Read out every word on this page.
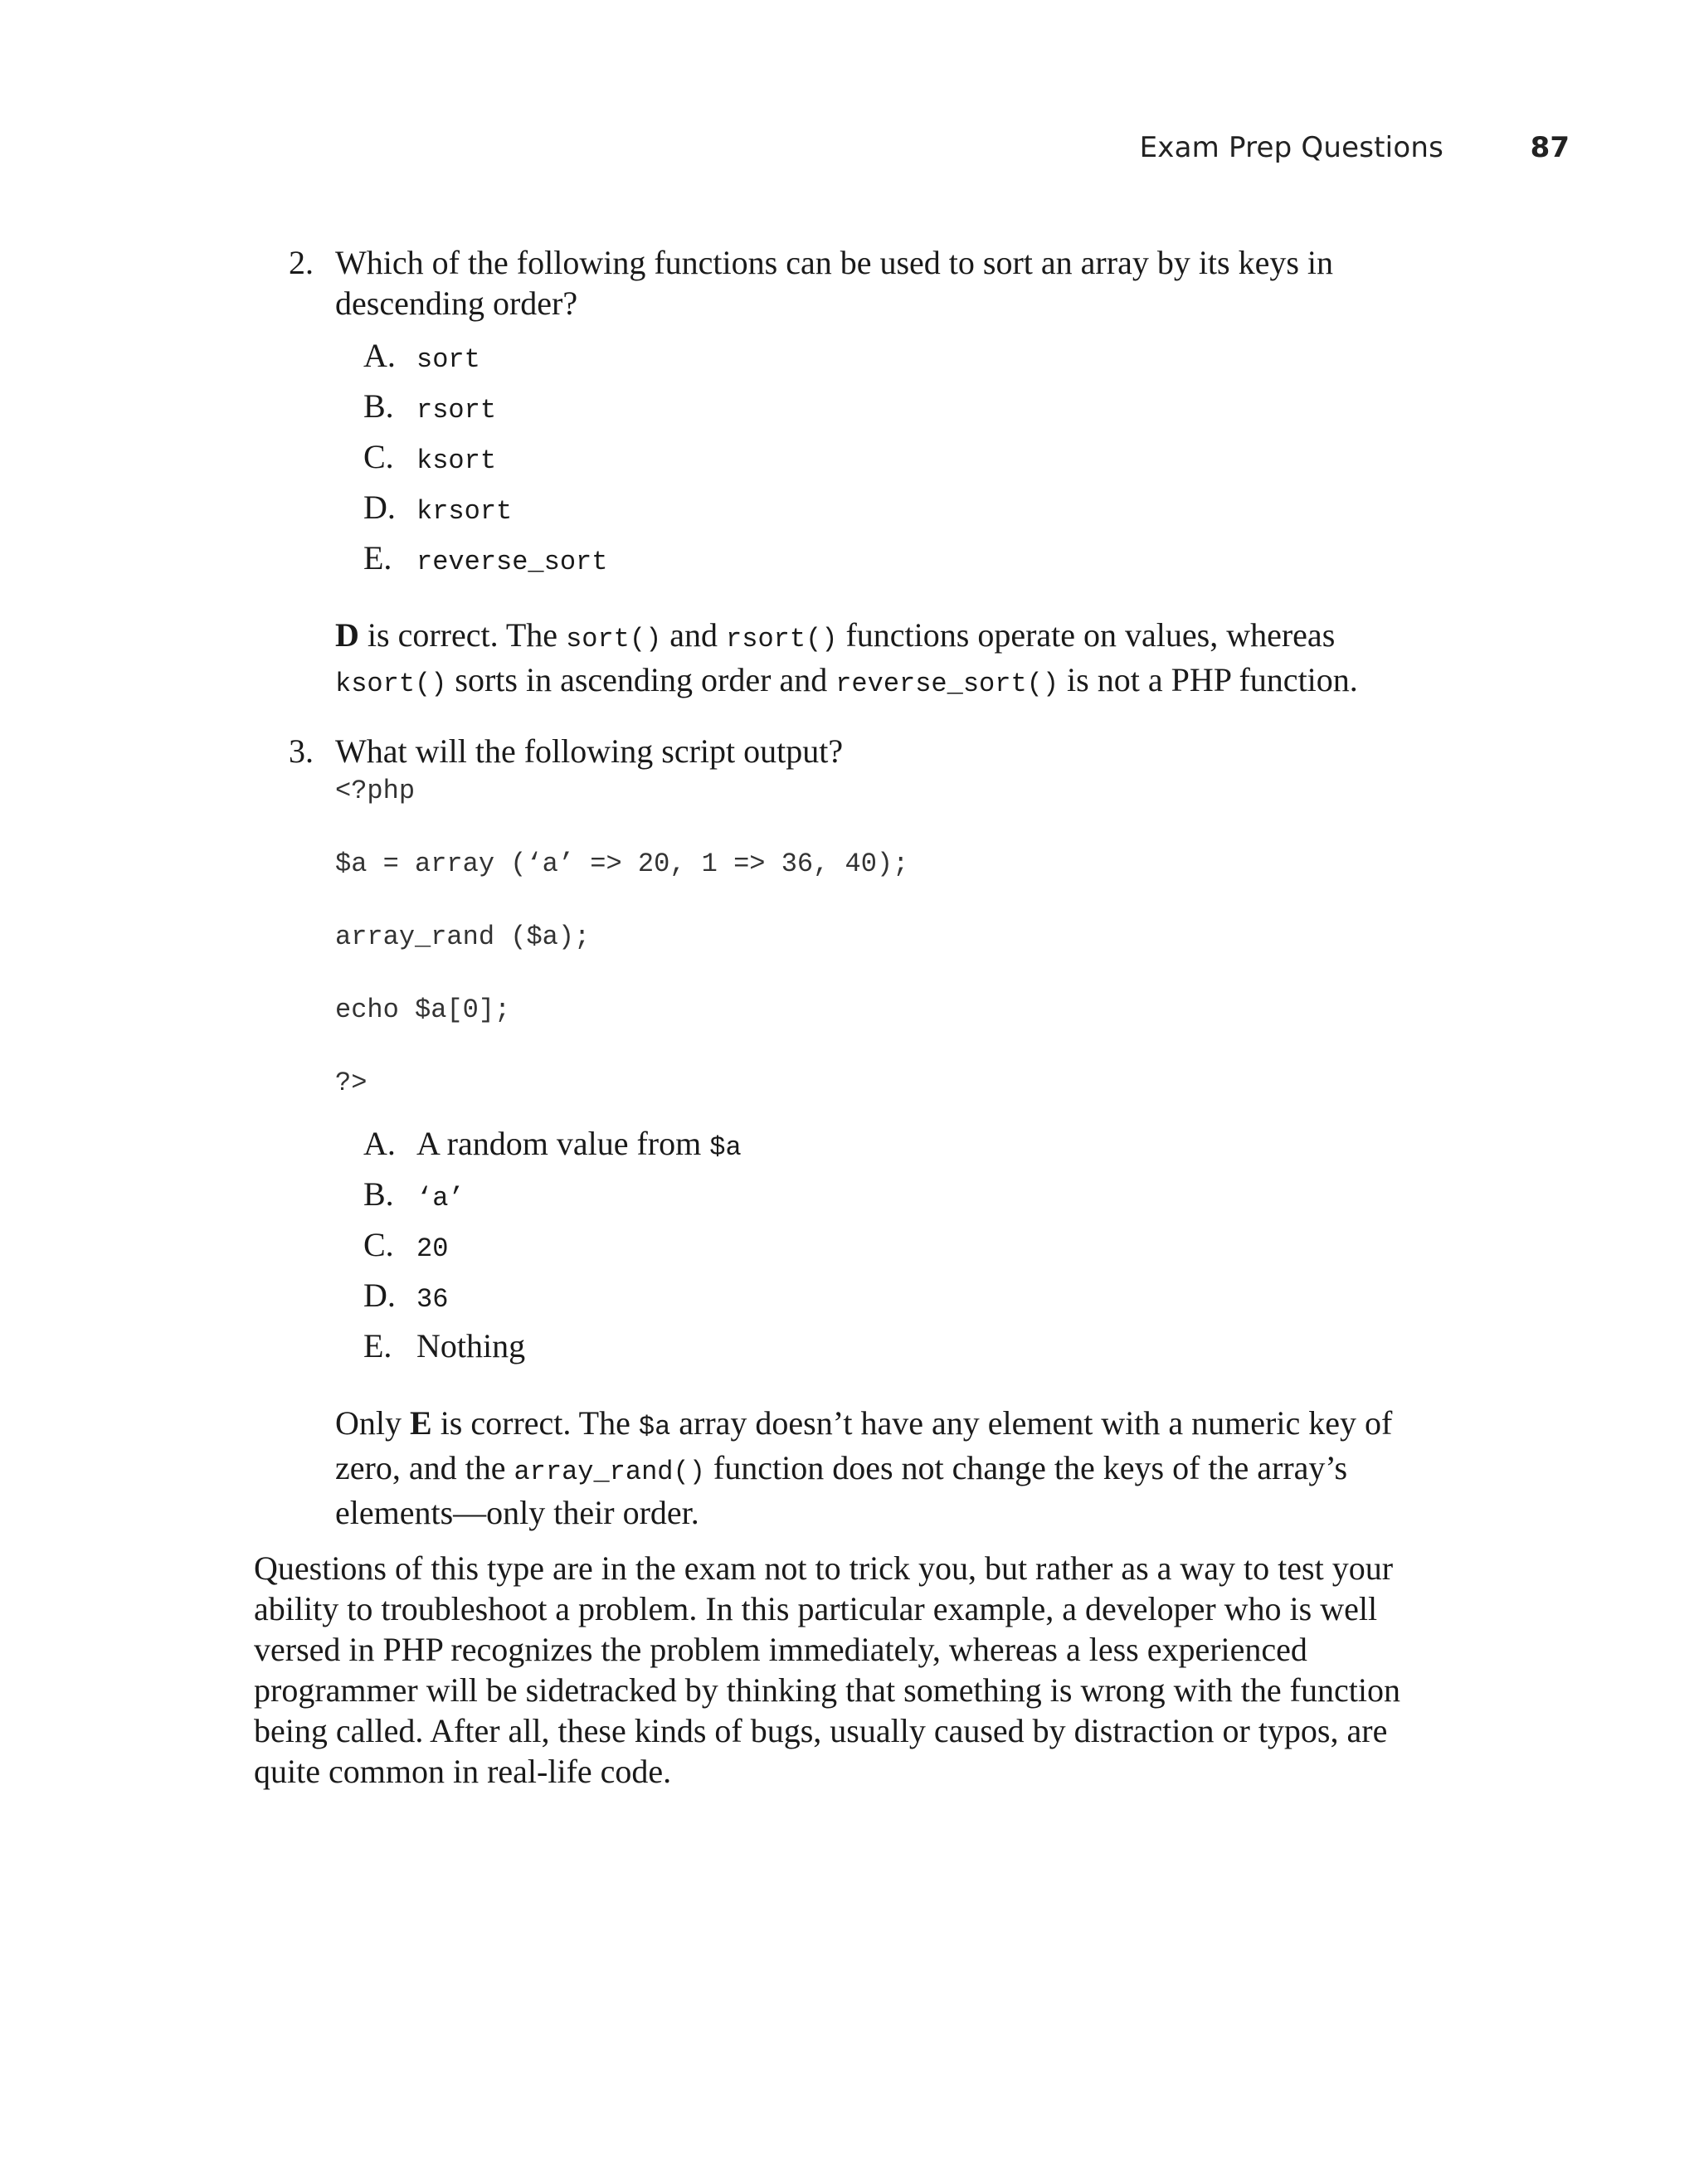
Exam Prep Questions	87
2. Which of the following functions can be used to sort an array by its keys in descending order?
A. sort
B. rsort
C. ksort
D. krsort
E. reverse_sort
D is correct. The sort() and rsort() functions operate on values, whereas ksort() sorts in ascending order and reverse_sort() is not a PHP function.
3. What will the following script output?
<?php
$a = array (‘a’ => 20, 1 => 36, 40);
array_rand ($a);
echo $a[0];
?>
A. A random value from $a
B. ‘a’
C. 20
D. 36
E. Nothing
Only E is correct. The $a array doesn’t have any element with a numeric key of zero, and the array_rand() function does not change the keys of the array’s elements—only their order.

Questions of this type are in the exam not to trick you, but rather as a way to test your ability to troubleshoot a problem. In this particular example, a developer who is well versed in PHP recognizes the problem immediately, whereas a less experienced programmer will be sidetracked by thinking that something is wrong with the function being called. After all, these kinds of bugs, usually caused by distraction or typos, are quite common in real-life code.
